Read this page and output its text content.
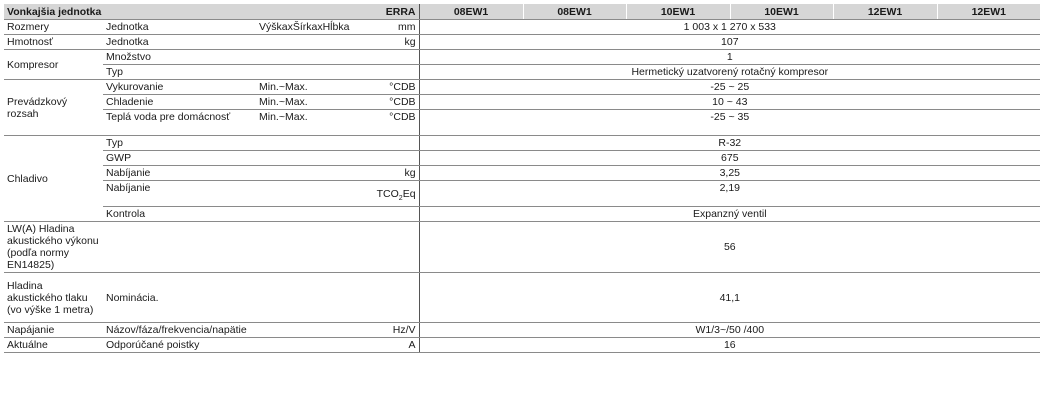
Vonkajšia jednotka			ERRA	08EW1	08EW1	10EW1	10EW1	12EW1	12EW1
Rozmery	Jednotka	VýškaxŠírkaxHĺbka	mm	1 003 x 1 270 x 533					
Hmotnosť	Jednotka		kg	107					
Kompresor	Množstvo			1					
	Typ			Hermetický uzatvorený rotačný kompresor					
Prevádzkový rozsah	Vykurovanie	Min.~Max.	°CDB	-25 ~ 25					
	Chladenie	Min.~Max.	°CDB	10 ~ 43					
	Teplá voda pre domácnosť	Min.~Max.	°CDB	-25 ~ 35					
Chladivo	Typ			R-32					
	GWP			675					
	Nabíjanie		kg	3,25					
	Nabíjanie		$TCO_2Eq$	2,19					
	Kontrola			Expanzný ventil					
LW(A) Hladina akustického výkonu (podľa normy EN14825)				56					
Hladina akustického tlaku (vo výške 1 metra)	Nominácia.			41,1					
Napájanie	Názov/fáza/frekvencia/napätie		Hz/V	W1/3~/50 /400					
Aktuálne	Odporúčané poistky		A	16					
